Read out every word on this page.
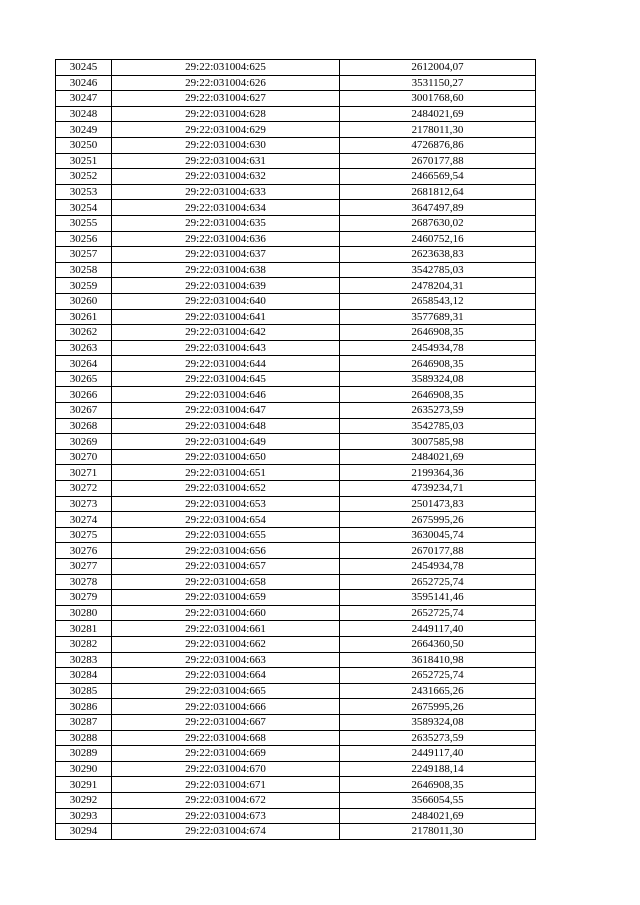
30245	29:22:031004:625	2612004,07
30246	29:22:031004:626	3531150,27
30247	29:22:031004:627	3001768,60
30248	29:22:031004:628	2484021,69
30249	29:22:031004:629	2178011,30
30250	29:22:031004:630	4726876,86
30251	29:22:031004:631	2670177,88
30252	29:22:031004:632	2466569,54
30253	29:22:031004:633	2681812,64
30254	29:22:031004:634	3647497,89
30255	29:22:031004:635	2687630,02
30256	29:22:031004:636	2460752,16
30257	29:22:031004:637	2623638,83
30258	29:22:031004:638	3542785,03
30259	29:22:031004:639	2478204,31
30260	29:22:031004:640	2658543,12
30261	29:22:031004:641	3577689,31
30262	29:22:031004:642	2646908,35
30263	29:22:031004:643	2454934,78
30264	29:22:031004:644	2646908,35
30265	29:22:031004:645	3589324,08
30266	29:22:031004:646	2646908,35
30267	29:22:031004:647	2635273,59
30268	29:22:031004:648	3542785,03
30269	29:22:031004:649	3007585,98
30270	29:22:031004:650	2484021,69
30271	29:22:031004:651	2199364,36
30272	29:22:031004:652	4739234,71
30273	29:22:031004:653	2501473,83
30274	29:22:031004:654	2675995,26
30275	29:22:031004:655	3630045,74
30276	29:22:031004:656	2670177,88
30277	29:22:031004:657	2454934,78
30278	29:22:031004:658	2652725,74
30279	29:22:031004:659	3595141,46
30280	29:22:031004:660	2652725,74
30281	29:22:031004:661	2449117,40
30282	29:22:031004:662	2664360,50
30283	29:22:031004:663	3618410,98
30284	29:22:031004:664	2652725,74
30285	29:22:031004:665	2431665,26
30286	29:22:031004:666	2675995,26
30287	29:22:031004:667	3589324,08
30288	29:22:031004:668	2635273,59
30289	29:22:031004:669	2449117,40
30290	29:22:031004:670	2249188,14
30291	29:22:031004:671	2646908,35
30292	29:22:031004:672	3566054,55
30293	29:22:031004:673	2484021,69
30294	29:22:031004:674	2178011,30
